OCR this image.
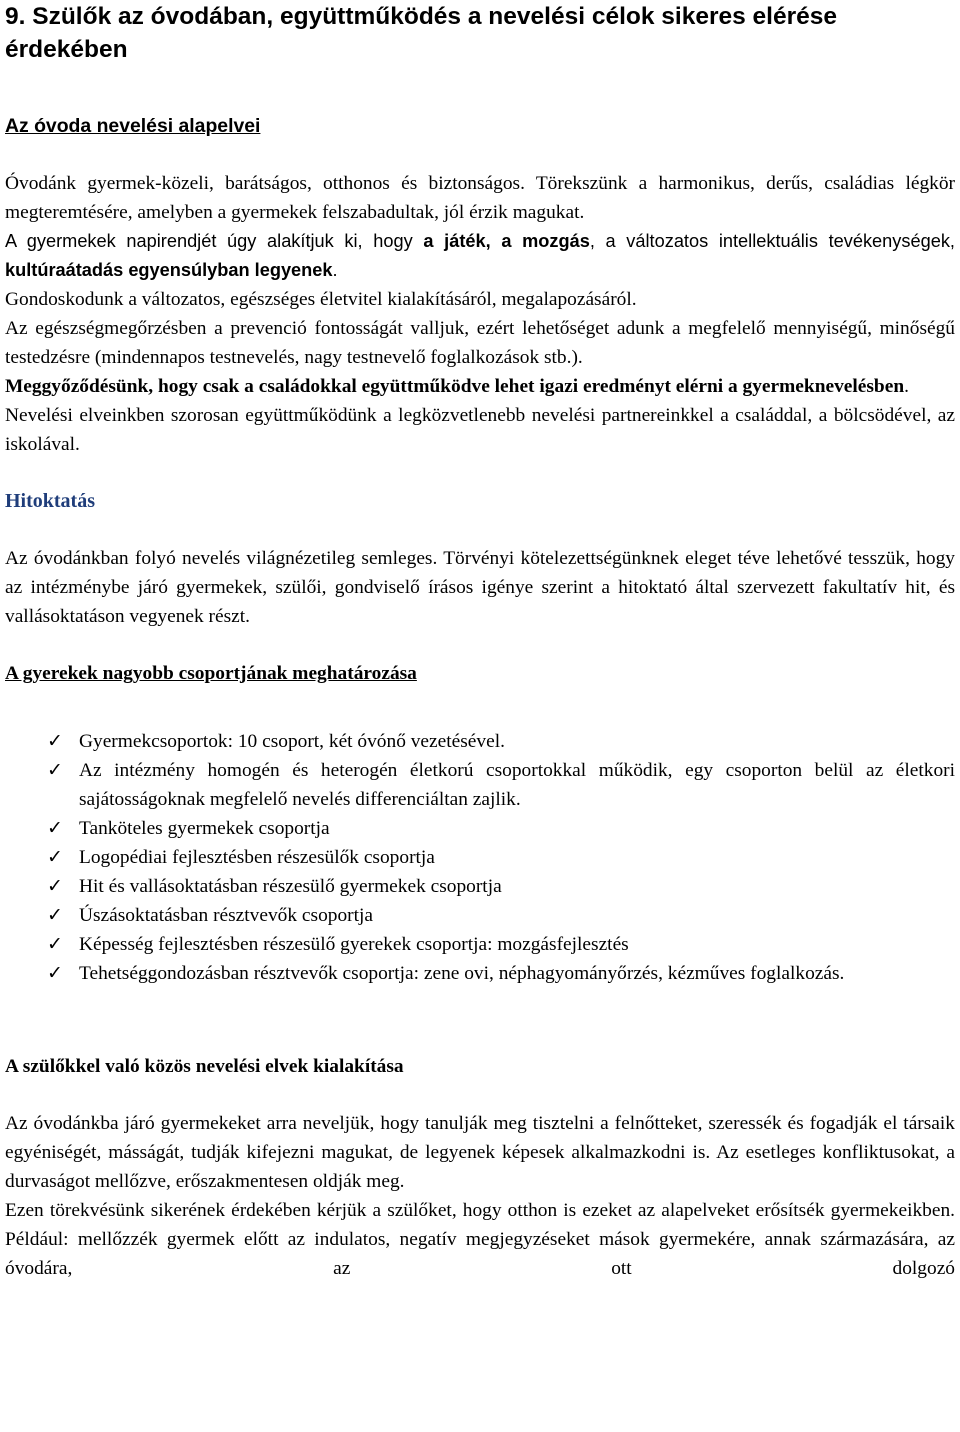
9. Szülők az óvodában, együttműködés a nevelési célok sikeres elérése érdekében
Az óvoda nevelési alapelvei

Óvodánk gyermek-közeli, barátságos, otthonos és biztonságos. Törekszünk a harmonikus, derűs, családias légkör megteremtésére, amelyben a gyermekek felszabadultak, jól érzik magukat.

A gyermekek napirendjét úgy alakítjuk ki, hogy a játék, a mozgás, a változatos intellektuális tevékenységek, kultúraátadás egyensúlyban legyenek.

Gondoskodunk a változatos, egészséges életvitel kialakításáról, megalapozásáról.

Az egészségmegőrzésben a prevenció fontosságát valljuk, ezért lehetőséget adunk a megfelelő mennyiségű, minőségű testedzésre (mindennapos testnevelés, nagy testnevelő foglalkozások stb.).

Meggyőződésünk, hogy csak a családokkal együttműködve lehet igazi eredményt elérni a gyermeknevelésben.

Nevelési elveinkben szorosan együttműködünk a legközvetlenebb nevelési partnereinkkel a családdal, a bölcsödével, az iskolával.

Hitoktatás

Az óvodánkban folyó nevelés világnézetileg semleges. Törvényi kötelezettségünknek eleget téve lehetővé tesszük, hogy az intézménybe járó gyermekek, szülői, gondviselő írásos igénye szerint a hitoktató által szervezett fakultatív hit, és vallásoktatáson vegyenek részt.

A gyerekek nagyobb csoportjának meghatározása
✓ Gyermekcsoportok: 10 csoport, két óvónő vezetésével.
✓ Az intézmény homogén és heterogén életkorú csoportokkal működik, egy csoporton belül az életkori sajátosságoknak megfelelő nevelés differenciáltan zajlik.
✓ Tanköteles gyermekek csoportja
✓ Logopédiai fejlesztésben részesülők csoportja
✓ Hit és vallásoktatásban részesülő gyermekek csoportja
✓ Úszásoktatásban résztvevők csoportja
✓ Képesség fejlesztésben részesülő gyerekek csoportja: mozgásfejlesztés
✓ Tehetséggondozásban résztvevők csoportja: zene ovi, néphagyományőrzés, kézműves foglalkozás.
A szülőkkel való közös nevelési elvek kialakítása

Az óvodánkba járó gyermekeket arra neveljük, hogy tanulják meg tisztelni a felnőtteket, szeressék és fogadják el társaik egyéniségét, másságát, tudják kifejezni magukat, de legyenek képesek alkalmazkodni is. Az esetleges konfliktusokat, a durvaságot mellőzve, erőszakmentesen oldják meg.

Ezen törekvésünk sikerének érdekében kérjük a szülőket, hogy otthon is ezeket az alapelveket erősítsék gyermekeikben. Például: mellőzzék gyermek előtt az indulatos, negatív megjegyzéseket mások gyermekére, annak származására, az óvodára, az ott dolgozó
